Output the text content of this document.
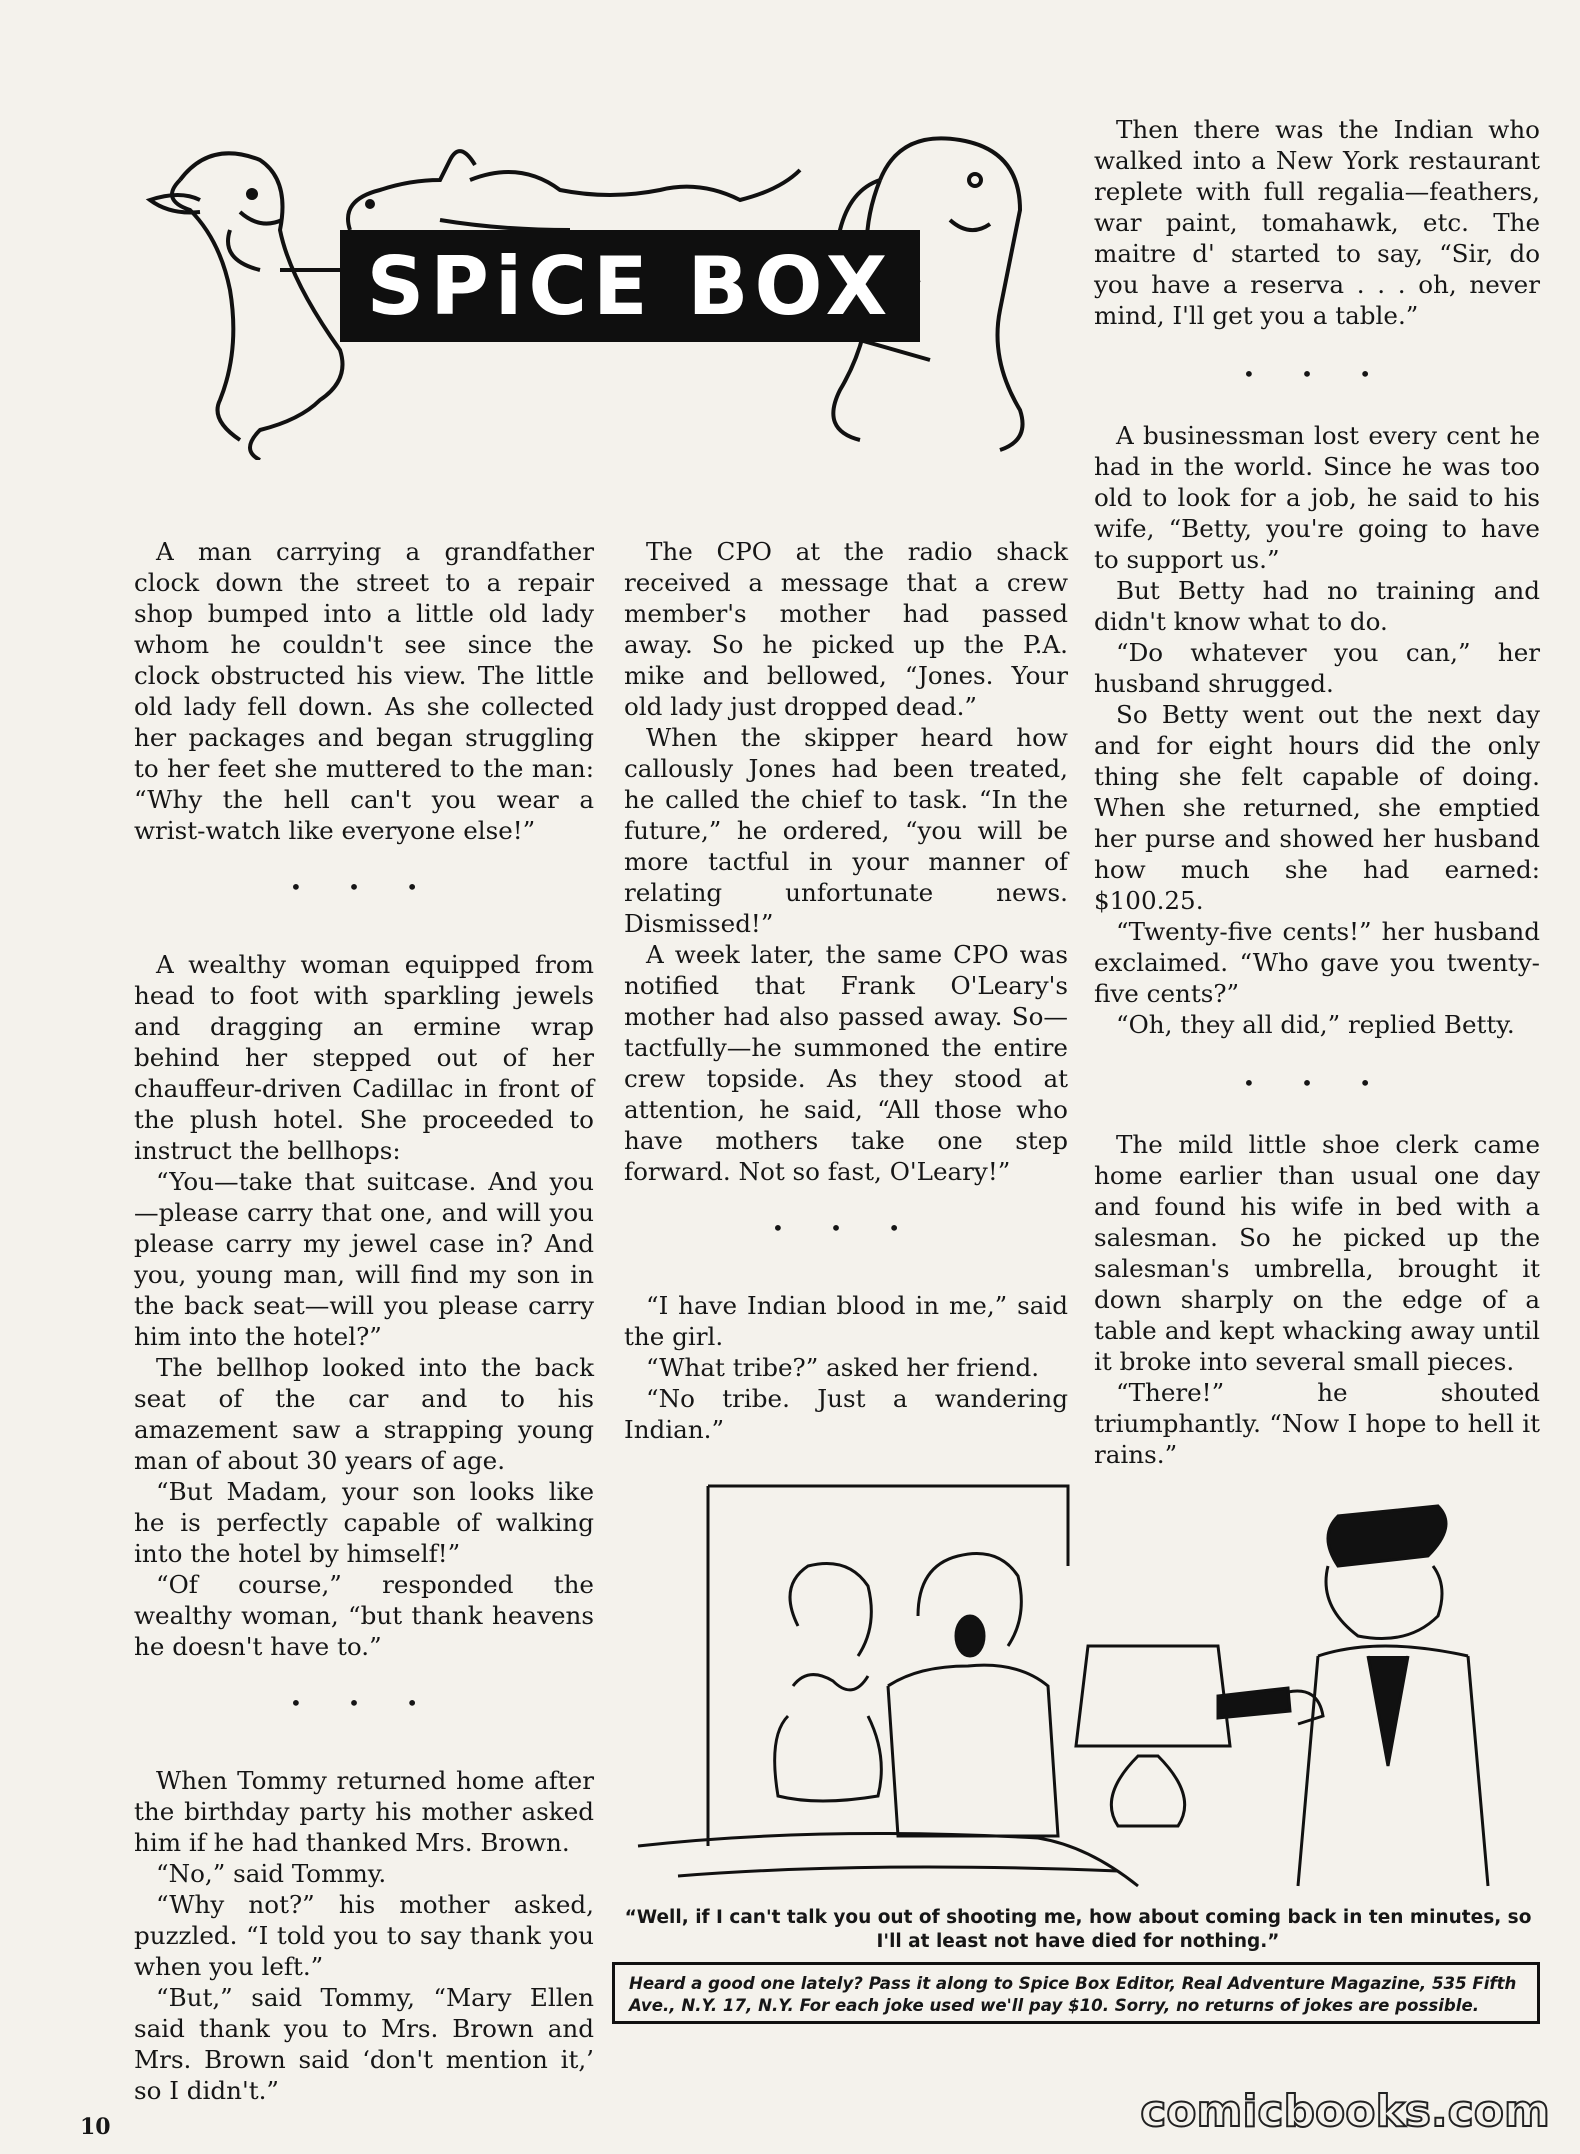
SPiCE BOX

A man carrying a grandfather clock down the street to a repair shop bumped into a little old lady whom he couldn't see since the clock obstructed his view. The little old lady fell down. As she collected her packages and began struggling to her feet she muttered to the man: “Why the hell can't you wear a wrist-watch like everyone else!”

• • •

A wealthy woman equipped from head to foot with sparkling jewels and dragging an ermine wrap behind her stepped out of her chauffeur-driven Cadillac in front of the plush hotel. She proceeded to instruct the bellhops:

“You—take that suitcase. And you—please carry that one, and will you please carry my jewel case in? And you, young man, will find my son in the back seat—will you please carry him into the hotel?”

The bellhop looked into the back seat of the car and to his amazement saw a strapping young man of about 30 years of age.

“But Madam, your son looks like he is perfectly capable of walking into the hotel by himself!”

“Of course,” responded the wealthy woman, “but thank heavens he doesn't have to.”

• • •

When Tommy returned home after the birthday party his mother asked him if he had thanked Mrs. Brown.

“No,” said Tommy.

“Why not?” his mother asked, puzzled. “I told you to say thank you when you left.”

“But,” said Tommy, “Mary Ellen said thank you to Mrs. Brown and Mrs. Brown said ‘don't mention it,’ so I didn't.”

The CPO at the radio shack received a message that a crew member's mother had passed away. So he picked up the P.A. mike and bellowed, “Jones. Your old lady just dropped dead.”

When the skipper heard how callously Jones had been treated, he called the chief to task. “In the future,” he ordered, “you will be more tactful in your manner of relating unfortunate news. Dismissed!”

A week later, the same CPO was notified that Frank O'Leary's mother had also passed away. So—tactfully—he summoned the entire crew topside. As they stood at attention, he said, “All those who have mothers take one step forward. Not so fast, O'Leary!”

• • •

“I have Indian blood in me,” said the girl.

“What tribe?” asked her friend.

“No tribe. Just a wandering Indian.”

Then there was the Indian who walked into a New York restaurant replete with full regalia—feathers, war paint, tomahawk, etc. The maitre d' started to say, “Sir, do you have a reserva . . . oh, never mind, I'll get you a table.”

• • •

A businessman lost every cent he had in the world. Since he was too old to look for a job, he said to his wife, “Betty, you're going to have to support us.”

But Betty had no training and didn't know what to do.

“Do whatever you can,” her husband shrugged.

So Betty went out the next day and for eight hours did the only thing she felt capable of doing. When she returned, she emptied her purse and showed her husband how much she had earned: $100.25.

“Twenty-five cents!” her husband exclaimed. “Who gave you twenty-five cents?”

“Oh, they all did,” replied Betty.

• • •

The mild little shoe clerk came home earlier than usual one day and found his wife in bed with a salesman. So he picked up the salesman's umbrella, brought it down sharply on the edge of a table and kept whacking away until it broke into several small pieces.

“There!” he shouted triumphantly. “Now I hope to hell it rains.”

“Well, if I can't talk you out of shooting me, how about coming back in ten minutes, so I'll at least not have died for nothing.”
Heard a good one lately? Pass it along to Spice Box Editor, Real Adventure Magazine, 535 Fifth Ave., N.Y. 17, N.Y. For each joke used we'll pay $10. Sorry, no returns of jokes are possible.
10	comicbooks.com
